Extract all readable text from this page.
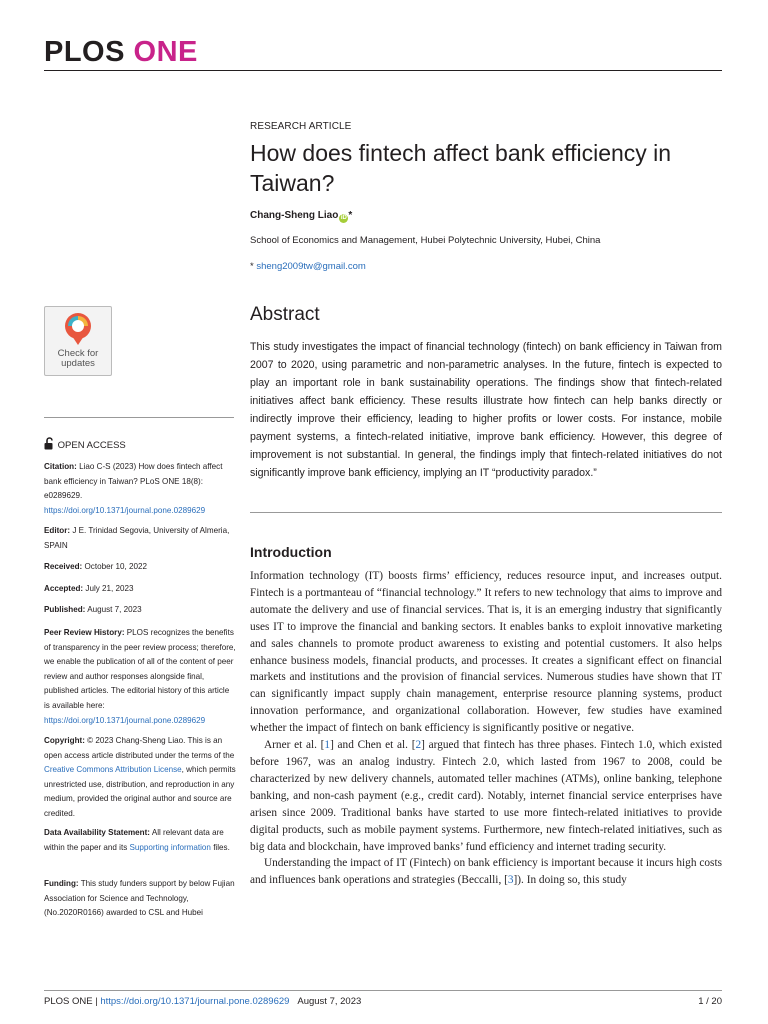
PLOS ONE
RESEARCH ARTICLE
How does fintech affect bank efficiency in Taiwan?
Chang-Sheng Liao iD *
School of Economics and Management, Hubei Polytechnic University, Hubei, China
* sheng2009tw@gmail.com
Check for
updates
Abstract
This study investigates the impact of financial technology (fintech) on bank efficiency in Taiwan from 2007 to 2020, using parametric and non-parametric analyses. In the future, fintech is expected to play an important role in bank sustainability operations. The findings show that fintech-related initiatives affect bank efficiency. These results illustrate how fintech can help banks directly or indirectly improve their efficiency, leading to higher profits or lower costs. For instance, mobile payment systems, a fintech-related initiative, improve bank efficiency. However, this degree of improvement is not substantial. In general, the findings imply that fintech-related initiatives do not significantly improve bank efficiency, implying an IT “productivity paradox.”
OPEN ACCESS
Citation: Liao C-S (2023) How does fintech affect bank efficiency in Taiwan? PLoS ONE 18(8): e0289629. https://doi.org/10.1371/journal.pone.0289629
Editor: J E. Trinidad Segovia, University of Almeria, SPAIN
Received: October 10, 2022
Accepted: July 21, 2023
Published: August 7, 2023
Peer Review History: PLOS recognizes the benefits of transparency in the peer review process; therefore, we enable the publication of all of the content of peer review and author responses alongside final, published articles. The editorial history of this article is available here: https://doi.org/10.1371/journal.pone.0289629
Copyright: © 2023 Chang-Sheng Liao. This is an open access article distributed under the terms of the Creative Commons Attribution License, which permits unrestricted use, distribution, and reproduction in any medium, provided the original author and source are credited.
Data Availability Statement: All relevant data are within the paper and its Supporting information files.
Funding: This study funders support by below Fujian Association for Science and Technology, (No.2020R0166) awarded to CSL and Hubei
Introduction

Information technology (IT) boosts firms’ efficiency, reduces resource input, and increases output. Fintech is a portmanteau of “financial technology.” It refers to new technology that aims to improve and automate the delivery and use of financial services. That is, it is an emerging industry that significantly uses IT to improve the financial and banking sectors. It enables banks to exploit innovative marketing and sales channels to promote product awareness to existing and potential customers. It also helps enhance business models, financial products, and processes. It creates a significant effect on financial markets and institutions and the provision of financial services. Numerous studies have shown that IT can significantly impact supply chain management, enterprise resource planning systems, product innovation performance, and organizational collaboration. However, few studies have examined whether the impact of fintech on bank efficiency is significantly positive or negative.

Arner et al. [1] and Chen et al. [2] argued that fintech has three phases. Fintech 1.0, which existed before 1967, was an analog industry. Fintech 2.0, which lasted from 1967 to 2008, could be characterized by new delivery channels, automated teller machines (ATMs), online banking, telephone banking, and non-cash payment (e.g., credit card). Notably, internet financial service enterprises have arisen since 2009. Traditional banks have started to use more fintech-related initiatives to provide digital products, such as mobile payment systems. Furthermore, new fintech-related initiatives, such as big data and blockchain, have improved banks’ fund efficiency and internet trading security.

Understanding the impact of IT (Fintech) on bank efficiency is important because it incurs high costs and influences bank operations and strategies (Beccalli, [3]). In doing so, this study

PLOS ONE | https://doi.org/10.1371/journal.pone.0289629 August 7, 2023	1 / 20
